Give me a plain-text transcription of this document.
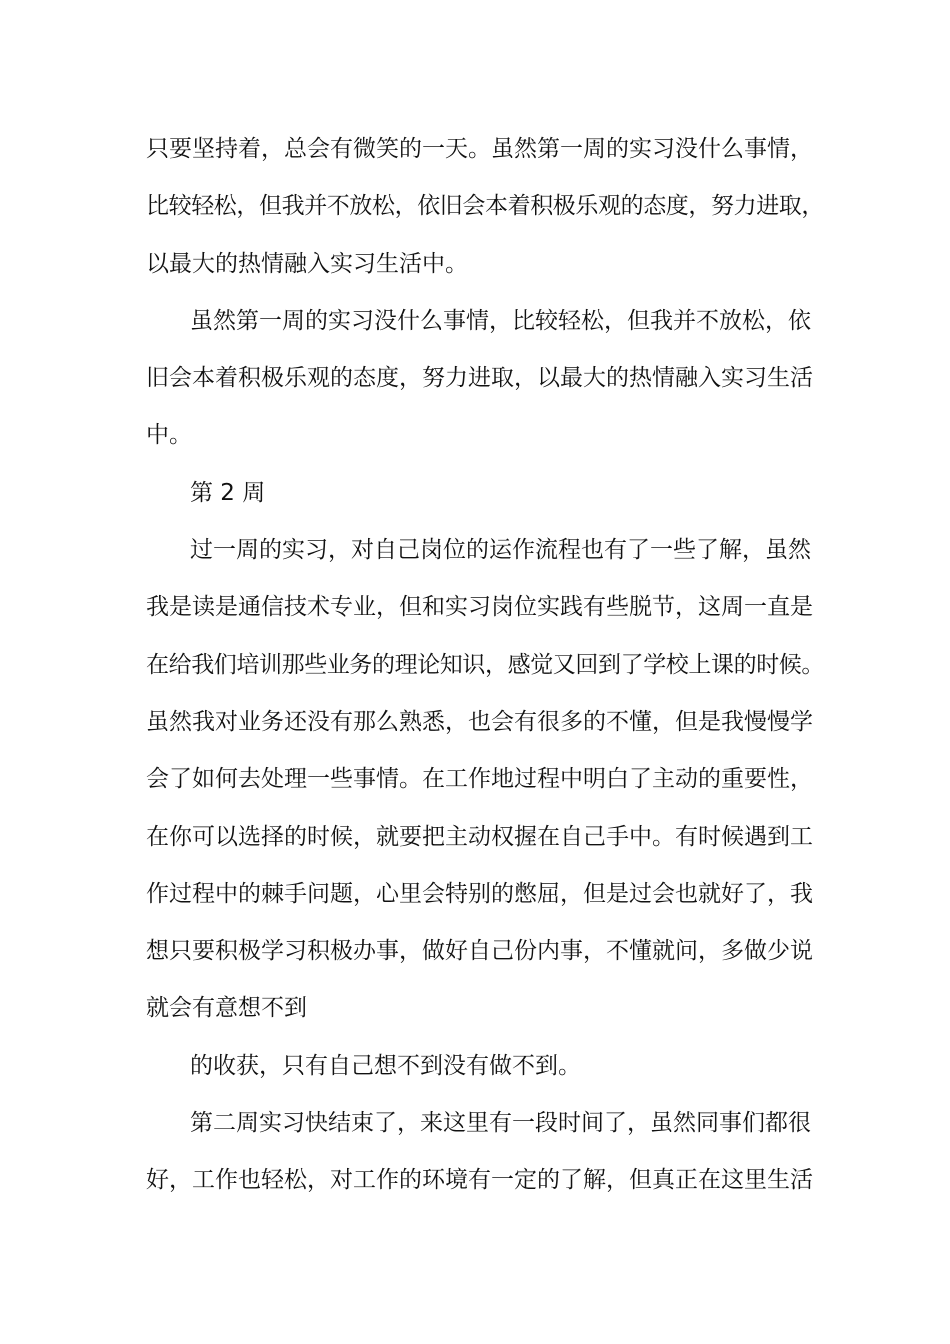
只要坚持着，总会有微笑的一天。虽然第一周的实习没什么事情，
比较轻松，但我并不放松，依旧会本着积极乐观的态度，努力进取，
以最大的热情融入实习生活中。
虽然第一周的实习没什么事情，比较轻松，但我并不放松，依
旧会本着积极乐观的态度，努力进取，以最大的热情融入实习生活
中。
第 2 周
过一周的实习，对自己岗位的运作流程也有了一些了解，虽然
我是读是通信技术专业，但和实习岗位实践有些脱节，这周一直是
在给我们培训那些业务的理论知识，感觉又回到了学校上课的时候。
虽然我对业务还没有那么熟悉，也会有很多的不懂，但是我慢慢学
会了如何去处理一些事情。在工作地过程中明白了主动的重要性，
在你可以选择的时候，就要把主动权握在自己手中。有时候遇到工
作过程中的棘手问题，心里会特别的憋屈，但是过会也就好了，我
想只要积极学习积极办事，做好自己份内事，不懂就问，多做少说
就会有意想不到
的收获，只有自己想不到没有做不到。
第二周实习快结束了，来这里有一段时间了，虽然同事们都很
好，工作也轻松，对工作的环境有一定的了解，但真正在这里生活
